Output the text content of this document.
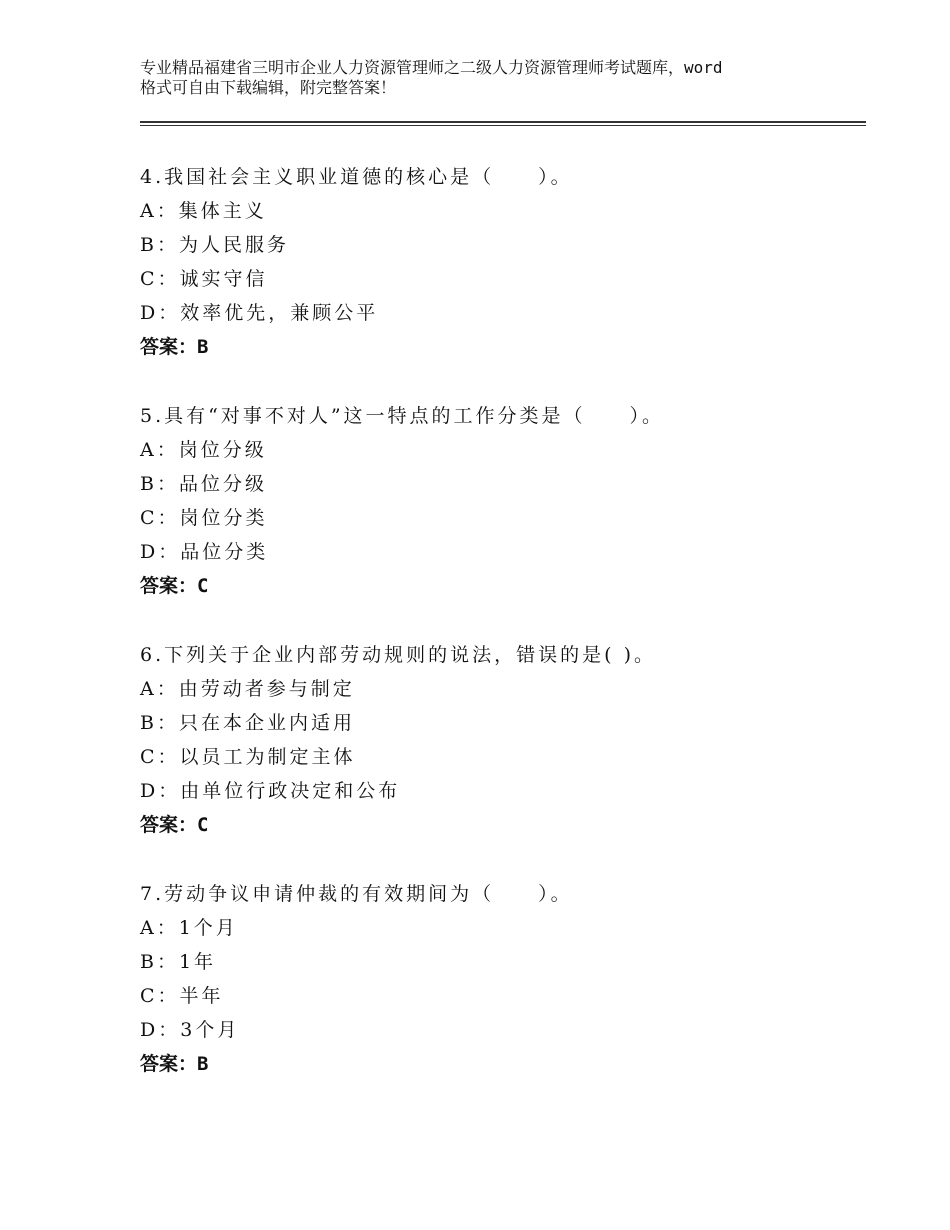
专业精品福建省三明市企业人力资源管理师之二级人力资源管理师考试题库，word
格式可自由下载编辑，附完整答案！
4.我国社会主义职业道德的核心是（　　）。
A：集体主义
B：为人民服务
C：诚实守信
D：效率优先，兼顾公平
答案：B
5.具有“对事不对人”这一特点的工作分类是（　　）。
A：岗位分级
B：品位分级
C：岗位分类
D：品位分类
答案：C
6.下列关于企业内部劳动规则的说法，错误的是( )。
A：由劳动者参与制定
B：只在本企业内适用
C：以员工为制定主体
D：由单位行政决定和公布
答案：C
7.劳动争议申请仲裁的有效期间为（　　）。
A：1个月
B：1年
C：半年
D：3个月
答案：B
